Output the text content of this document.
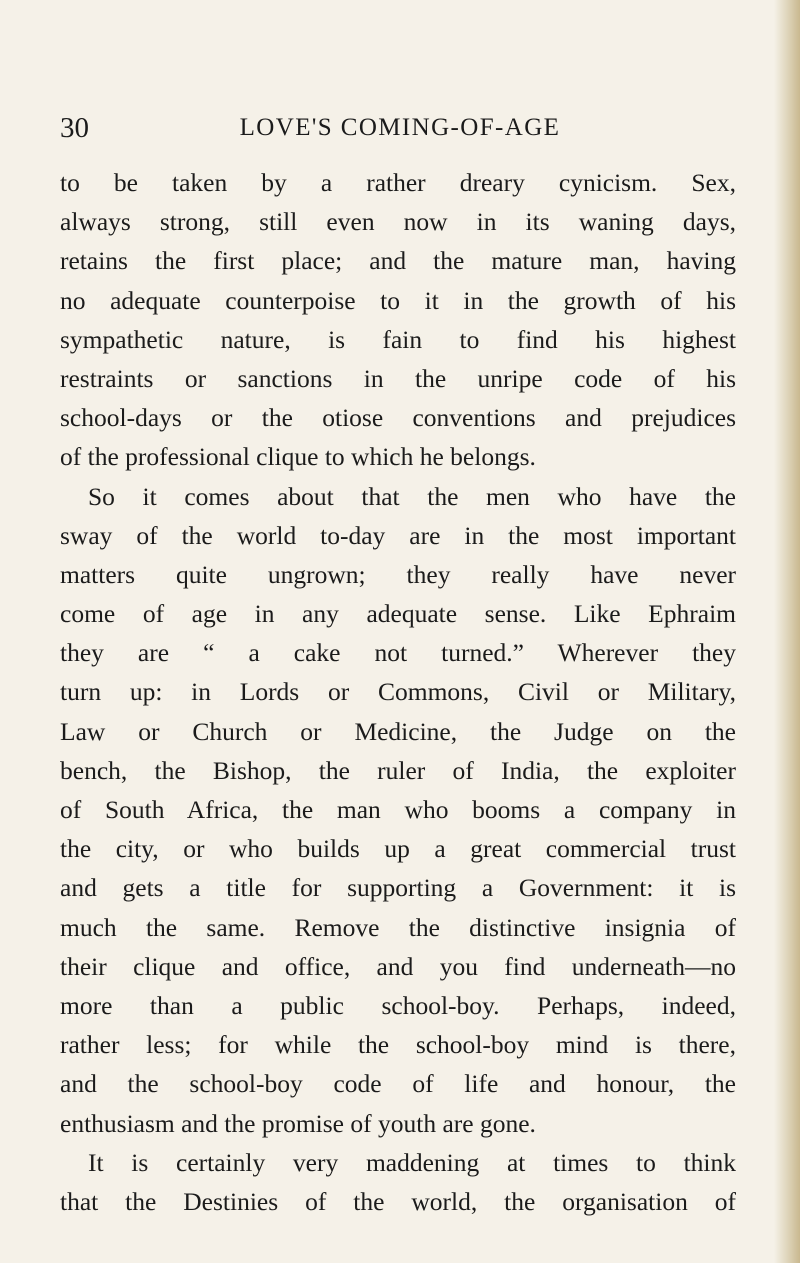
30	LOVE'S COMING-OF-AGE
to be taken by a rather dreary cynicism. Sex,
always strong, still even now in its waning days,
retains the first place; and the mature man, having
no adequate counterpoise to it in the growth of his
sympathetic nature, is fain to find his highest
restraints or sanctions in the unripe code of his
school-days or the otiose conventions and prejudices
of the professional clique to which he belongs.
So it comes about that the men who have the
sway of the world to-day are in the most important
matters quite ungrown; they really have never
come of age in any adequate sense. Like Ephraim
they are “ a cake not turned.” Wherever they
turn up: in Lords or Commons, Civil or Military,
Law or Church or Medicine, the Judge on the
bench, the Bishop, the ruler of India, the exploiter
of South Africa, the man who booms a company in
the city, or who builds up a great commercial trust
and gets a title for supporting a Government: it is
much the same. Remove the distinctive insignia of
their clique and office, and you find underneath—no
more than a public school-boy. Perhaps, indeed,
rather less; for while the school-boy mind is there,
and the school-boy code of life and honour, the
enthusiasm and the promise of youth are gone.
It is certainly very maddening at times to think
that the Destinies of the world, the organisation of
